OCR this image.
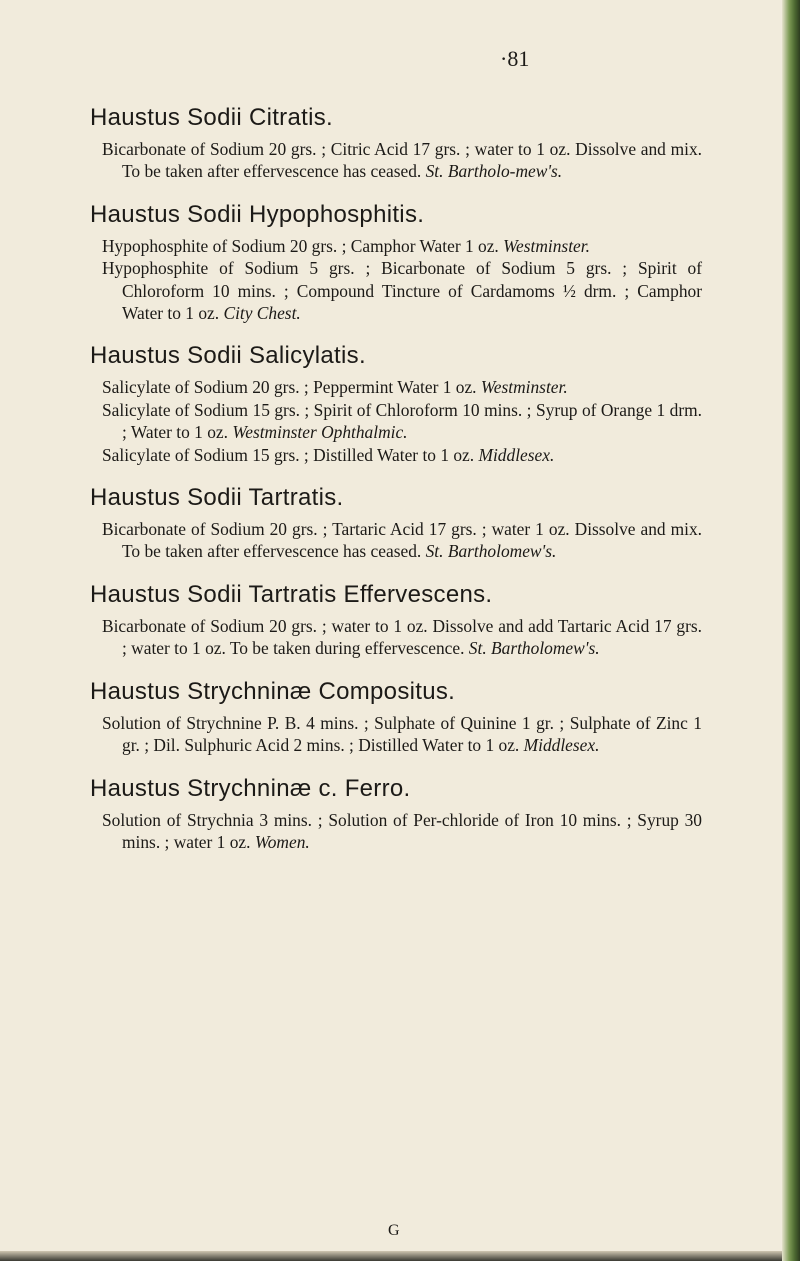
·81
Haustus Sodii Citratis.

Bicarbonate of Sodium 20 grs. ; Citric Acid 17 grs. ; water to 1 oz. Dissolve and mix. To be taken after effervescence has ceased. St. Bartholo-mew's.

Haustus Sodii Hypophosphitis.

Hypophosphite of Sodium 20 grs. ; Camphor Water 1 oz. Westminster.

Hypophosphite of Sodium 5 grs. ; Bicarbonate of Sodium 5 grs. ; Spirit of Chloroform 10 mins. ; Compound Tincture of Cardamoms ½ drm. ; Camphor Water to 1 oz. City Chest.

Haustus Sodii Salicylatis.

Salicylate of Sodium 20 grs. ; Peppermint Water 1 oz. Westminster.

Salicylate of Sodium 15 grs. ; Spirit of Chloroform 10 mins. ; Syrup of Orange 1 drm. ; Water to 1 oz. Westminster Ophthalmic.

Salicylate of Sodium 15 grs. ; Distilled Water to 1 oz. Middlesex.

Haustus Sodii Tartratis.

Bicarbonate of Sodium 20 grs. ; Tartaric Acid 17 grs. ; water 1 oz. Dissolve and mix. To be taken after effervescence has ceased. St. Bartholomew's.

Haustus Sodii Tartratis Effervescens.

Bicarbonate of Sodium 20 grs. ; water to 1 oz. Dissolve and add Tartaric Acid 17 grs. ; water to 1 oz. To be taken during effervescence. St. Bartholomew's.

Haustus Strychninæ Compositus.

Solution of Strychnine P. B. 4 mins. ; Sulphate of Quinine 1 gr. ; Sulphate of Zinc 1 gr. ; Dil. Sulphuric Acid 2 mins. ; Distilled Water to 1 oz. Middlesex.

Haustus Strychninæ c. Ferro.

Solution of Strychnia 3 mins. ; Solution of Per-chloride of Iron 10 mins. ; Syrup 30 mins. ; water 1 oz. Women.

G
